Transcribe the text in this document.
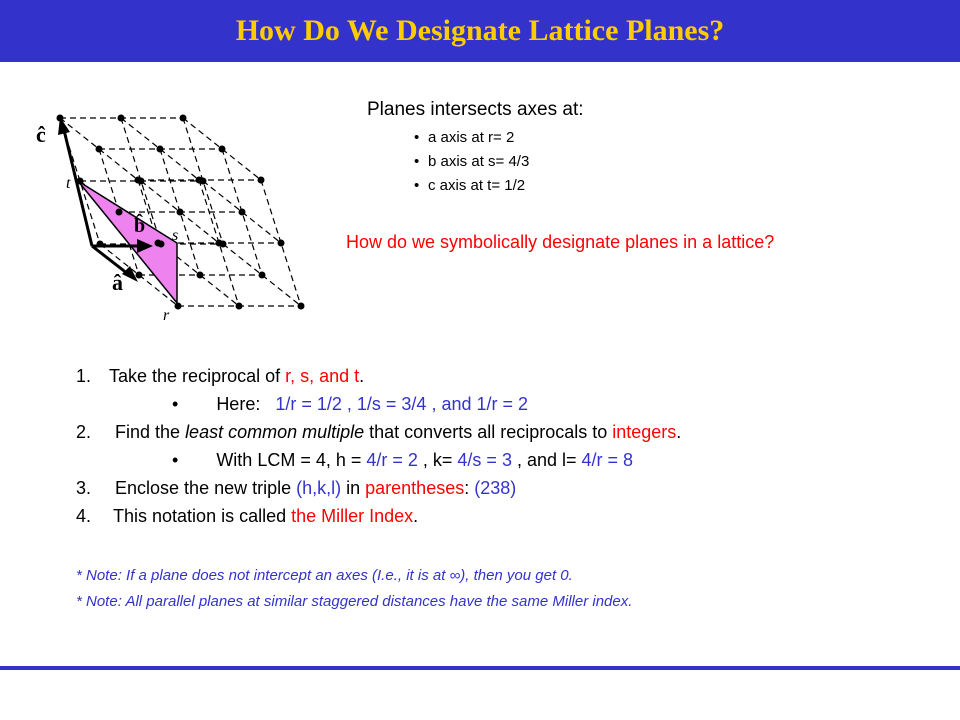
How Do We Designate Lattice Planes?
ĉ
b̂
â
t
s
r
Planes intersects axes at:
• a axis at r= 2
• b axis at s= 4/3
• c axis at t= 1/2
How do we symbolically designate planes in a lattice?
1. Take the reciprocal of r, s, and t.
• Here: 1/r = 1/2 , 1/s = 3/4 , and 1/r = 2
2. Find the least common multiple that converts all reciprocals to integers.
• With LCM = 4, h = 4/r = 2 , k= 4/s = 3 , and l= 4/r = 8
3. Enclose the new triple (h,k,l) in parentheses: (238)
4. This notation is called the Miller Index.
* Note: If a plane does not intercept an axes (I.e., it is at ∞), then you get 0.
* Note: All parallel planes at similar staggered distances have the same Miller index.
